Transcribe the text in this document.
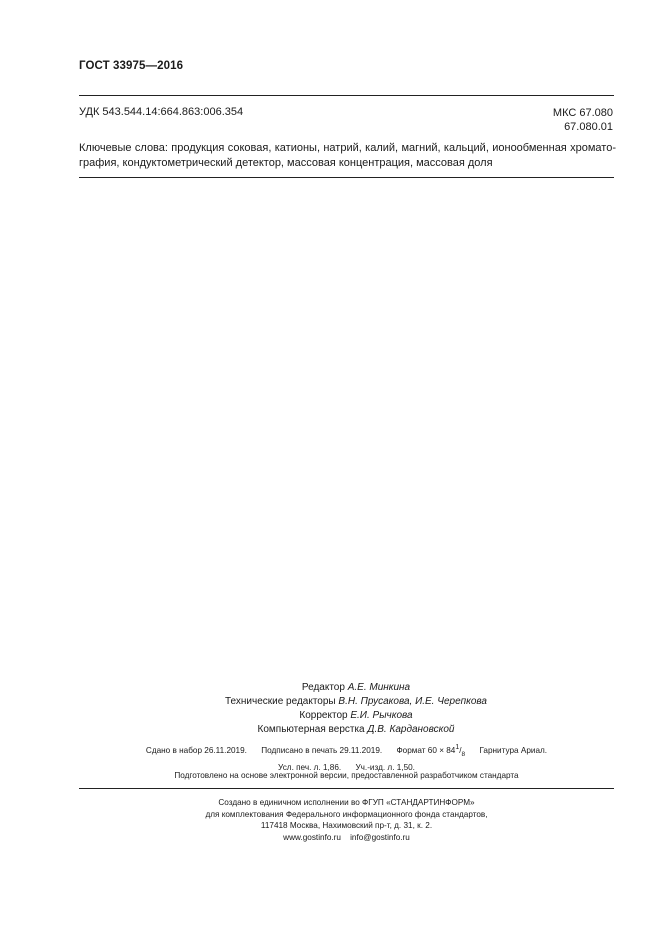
ГОСТ 33975—2016
УДК 543.544.14:664.863:006.354	МКС 67.080
67.080.01
Ключевые слова: продукция соковая, катионы, натрий, калий, магний, кальций, ионообменная хромато-графия, кондуктометрический детектор, массовая концентрация, массовая доля
Редактор А.Е. Минкина
Технические редакторы В.Н. Прусакова, И.Е. Черепкова
Корректор Е.И. Рычкова
Компьютерная верстка Д.В. Кардановской
Сдано в набор 26.11.2019. Подписано в печать 29.11.2019. Формат $60 \times 84^1/_8$ Гарнитура Ариал.
Усл. печ. л. 1,86. Уч.-изд. л. 1,50.
Подготовлено на основе электронной версии, предоставленной разработчиком стандарта
Создано в единичном исполнении во ФГУП «СТАНДАРТИНФОРМ»
для комплектования Федерального информационного фонда стандартов,
117418 Москва, Нахимовский пр-т, д. 31, к. 2.
www.gostinfo.ru info@gostinfo.ru
